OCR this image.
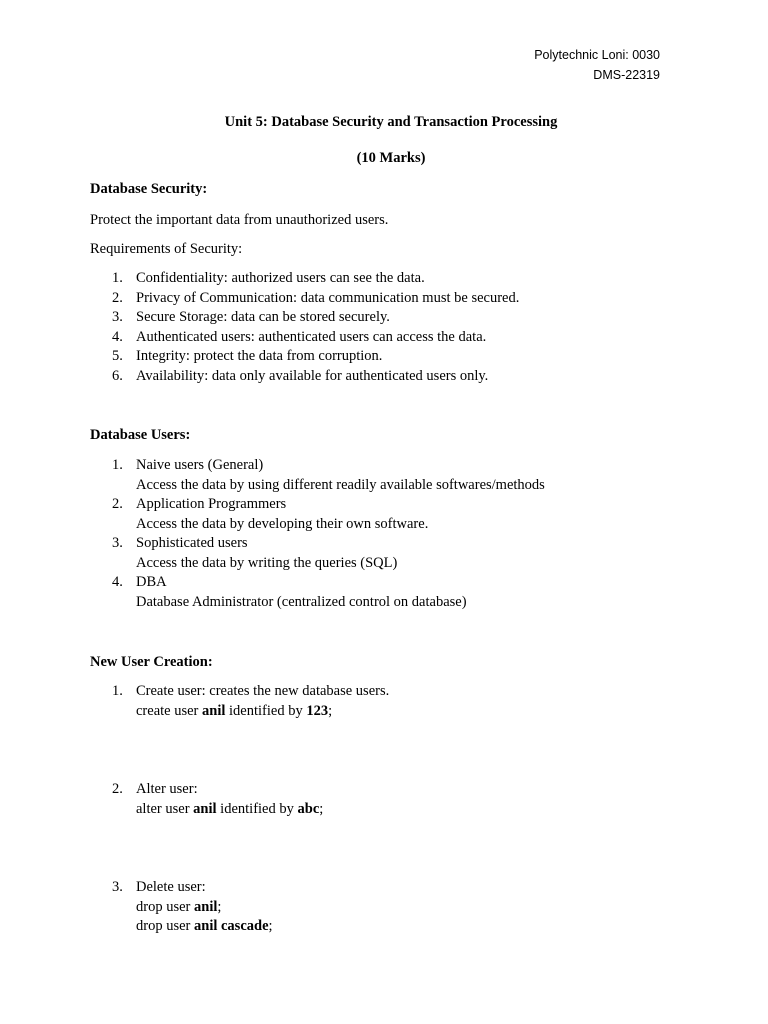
Polytechnic Loni: 0030
DMS-22319
Unit 5: Database Security and Transaction Processing
(10 Marks)
Database Security:
Protect the important data from unauthorized users.
Requirements of Security:
1. Confidentiality: authorized users can see the data.
2. Privacy of Communication: data communication must be secured.
3. Secure Storage: data can be stored securely.
4. Authenticated users: authenticated users can access the data.
5. Integrity: protect the data from corruption.
6. Availability: data only available for authenticated users only.
Database Users:
1. Naive users (General)
Access the data by using different readily available softwares/methods
2. Application Programmers
Access the data by developing their own software.
3. Sophisticated users
Access the data by writing the queries (SQL)
4. DBA
Database Administrator (centralized control on database)
New User Creation:
1. Create user: creates the new database users.
create user anil identified by 123;
2. Alter user:
alter user anil identified by abc;
3. Delete user:
drop user anil;
drop user anil cascade;
